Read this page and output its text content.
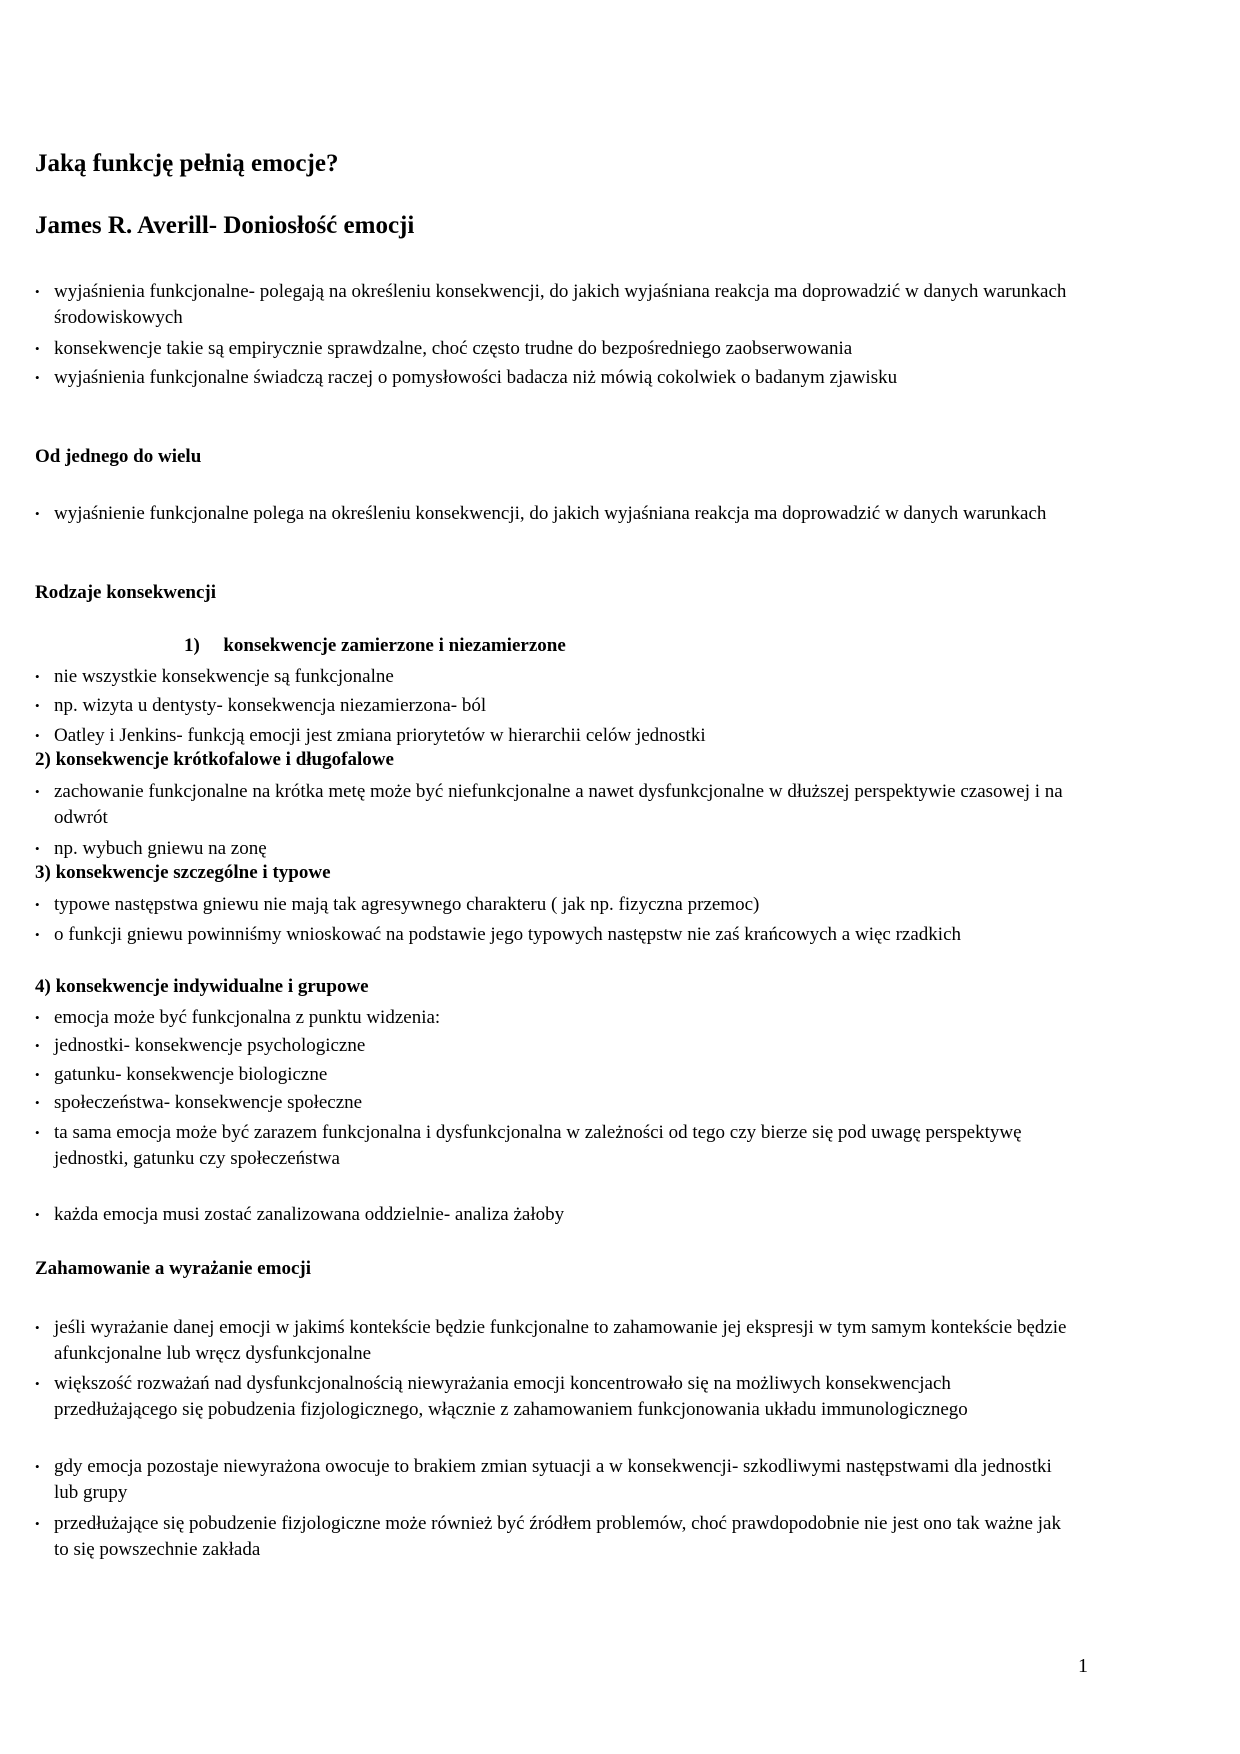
Jaką funkcję pełnią emocje?
James R. Averill- Doniosłość emocji
• wyjaśnienia funkcjonalne- polegają na określeniu konsekwencji, do jakich wyjaśniana reakcja ma doprowadzić w danych warunkach środowiskowych
• konsekwencje takie są empirycznie sprawdzalne, choć często trudne do bezpośredniego zaobserwowania
• wyjaśnienia funkcjonalne świadczą raczej o pomysłowości badacza niż mówią cokolwiek o badanym zjawisku
Od jednego do wielu
• wyjaśnienie funkcjonalne polega na określeniu konsekwencji, do jakich wyjaśniana reakcja ma doprowadzić w danych warunkach
Rodzaje konsekwencji
1) konsekwencje zamierzone i niezamierzone
• nie wszystkie konsekwencje są funkcjonalne
• np. wizyta u dentysty- konsekwencja niezamierzona- ból
• Oatley i Jenkins- funkcją emocji jest zmiana priorytetów w hierarchii celów jednostki
2) konsekwencje krótkofalowe i długofalowe
• zachowanie funkcjonalne na krótka metę może być niefunkcjonalne a nawet dysfunkcjonalne w dłuższej perspektywie czasowej i na odwrót
• np. wybuch gniewu na zonę
3) konsekwencje szczególne i typowe
• typowe następstwa gniewu nie mają tak agresywnego charakteru ( jak np. fizyczna przemoc)
• o funkcji gniewu powinniśmy wnioskować na podstawie jego typowych następstw nie zaś krańcowych a więc rzadkich
4) konsekwencje indywidualne i grupowe
• emocja może być funkcjonalna z punktu widzenia:
• jednostki- konsekwencje psychologiczne
• gatunku- konsekwencje biologiczne
• społeczeństwa- konsekwencje społeczne
• ta sama emocja może być zarazem funkcjonalna i dysfunkcjonalna w zależności od tego czy bierze się pod uwagę perspektywę jednostki, gatunku czy społeczeństwa
• każda emocja musi zostać zanalizowana oddzielnie- analiza żałoby
Zahamowanie a wyrażanie emocji
• jeśli wyrażanie danej emocji w jakimś kontekście będzie funkcjonalne to zahamowanie jej ekspresji w tym samym kontekście będzie afunkcjonalne lub wręcz dysfunkcjonalne
• większość rozważań nad dysfunkcjonalnością niewyrażania emocji koncentrowało się na możliwych konsekwencjach przedłużającego się pobudzenia fizjologicznego, włącznie z zahamowaniem funkcjonowania układu immunologicznego
• gdy emocja pozostaje niewyrażona owocuje to brakiem zmian sytuacji a w konsekwencji- szkodliwymi następstwami dla jednostki lub grupy
• przedłużające się pobudzenie fizjologiczne może również być źródłem problemów, choć prawdopodobnie nie jest ono tak ważne jak to się powszechnie zakłada
1
